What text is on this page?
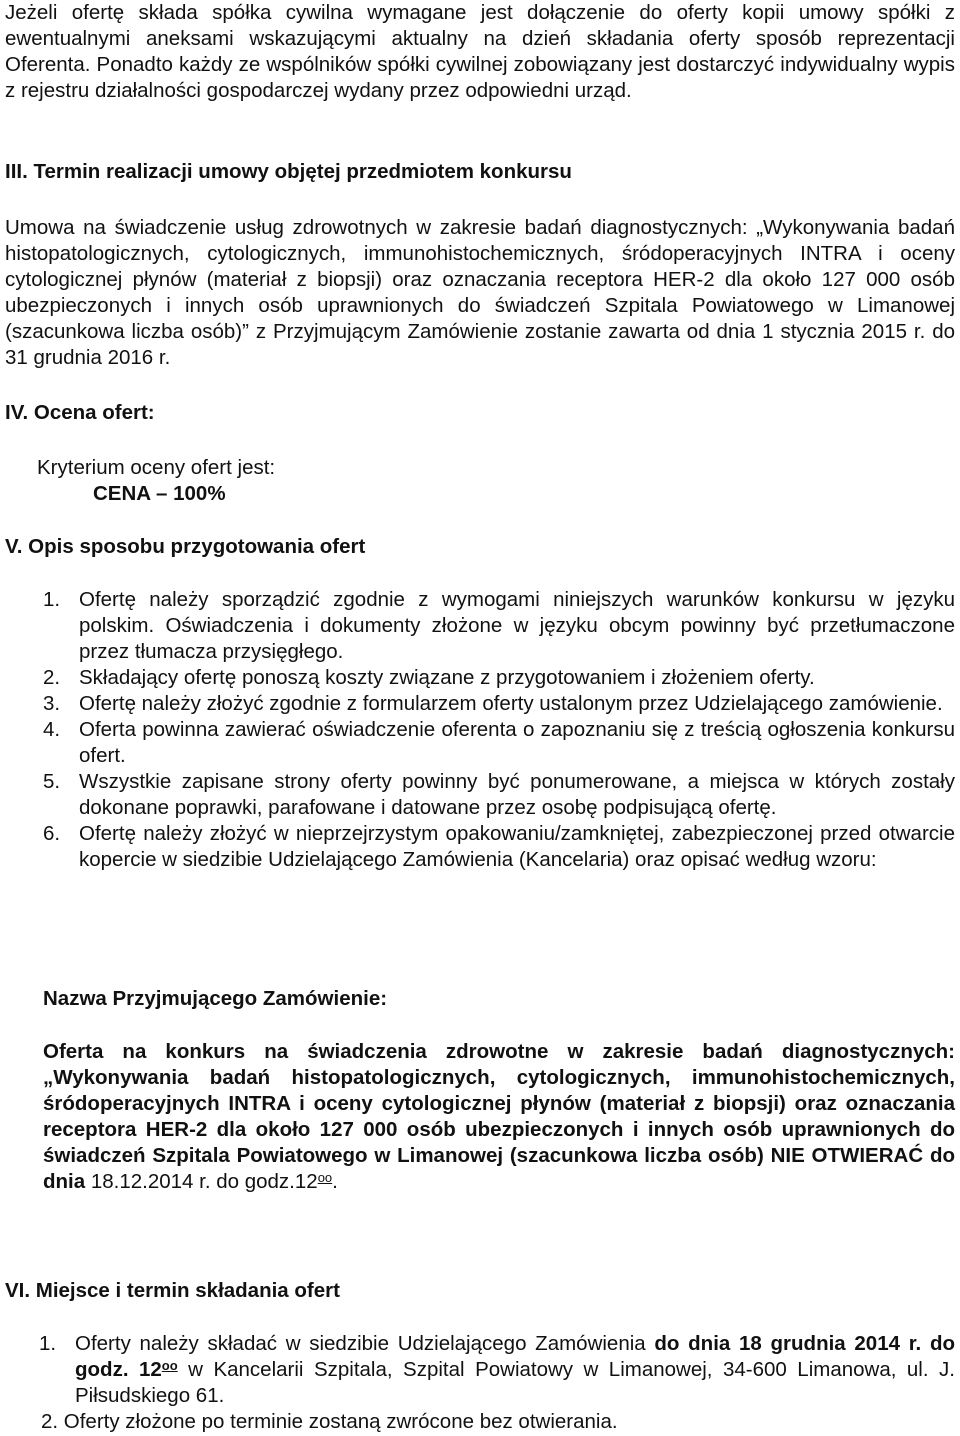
Jeżeli ofertę składa spółka cywilna wymagane jest dołączenie do oferty kopii umowy spółki z ewentualnymi aneksami wskazującymi aktualny na dzień składania oferty sposób reprezentacji Oferenta. Ponadto każdy ze wspólników spółki cywilnej zobowiązany jest dostarczyć indywidualny wypis z rejestru działalności gospodarczej wydany przez odpowiedni urząd.

III. Termin realizacji umowy objętej przedmiotem konkursu

Umowa na świadczenie usług zdrowotnych w zakresie badań diagnostycznych: „Wykonywania badań histopatologicznych, cytologicznych, immunohistochemicznych, śródoperacyjnych INTRA i oceny cytologicznej płynów (materiał z biopsji) oraz oznaczania receptora HER-2 dla około 127 000 osób ubezpieczonych i innych osób uprawnionych do świadczeń Szpitala Powiatowego w Limanowej (szacunkowa liczba osób)” z Przyjmującym Zamówienie zostanie zawarta od dnia 1 stycznia 2015 r. do 31 grudnia 2016 r.

IV. Ocena ofert:

Kryterium oceny ofert jest:

CENA – 100%

V. Opis sposobu przygotowania ofert

1. Ofertę należy sporządzić zgodnie z wymogami niniejszych warunków konkursu w języku polskim. Oświadczenia i dokumenty złożone w języku obcym powinny być przetłumaczone przez tłumacza przysięgłego.
2. Składający ofertę ponoszą koszty związane z przygotowaniem i złożeniem oferty.
3. Ofertę należy złożyć zgodnie z formularzem oferty ustalonym przez Udzielającego zamówienie.
4. Oferta powinna zawierać oświadczenie oferenta o zapoznaniu się z treścią ogłoszenia konkursu ofert.
5. Wszystkie zapisane strony oferty powinny być ponumerowane, a miejsca w których zostały dokonane poprawki, parafowane i datowane przez osobę podpisującą ofertę.
6. Ofertę należy złożyć w nieprzejrzystym opakowaniu/zamkniętej, zabezpieczonej przed otwarcie kopercie w siedzibie Udzielającego Zamówienia (Kancelaria) oraz opisać według wzoru:

Nazwa Przyjmującego Zamówienie:

Oferta na konkurs na świadczenia zdrowotne w zakresie badań diagnostycznych: „Wykonywania badań histopatologicznych, cytologicznych, immunohistochemicznych, śródoperacyjnych INTRA i oceny cytologicznej płynów (materiał z biopsji) oraz oznaczania receptora HER-2 dla około 127 000 osób ubezpieczonych i innych osób uprawnionych do świadczeń Szpitala Powiatowego w Limanowej (szacunkowa liczba osób) NIE OTWIERAĆ do dnia 18.12.2014 r. do $godz.12^{oo}$.

VI. Miejsce i termin składania ofert

1. Oferty należy składać w siedzibie Udzielającego Zamówienia do dnia 18 grudnia 2014 r. do godz. $12^{oo}$ w Kancelarii Szpitala, Szpital Powiatowy w Limanowej, 34-600 Limanowa, ul. J. Piłsudskiego 61.
2. Oferty złożone po terminie zostaną zwrócone bez otwierania.
